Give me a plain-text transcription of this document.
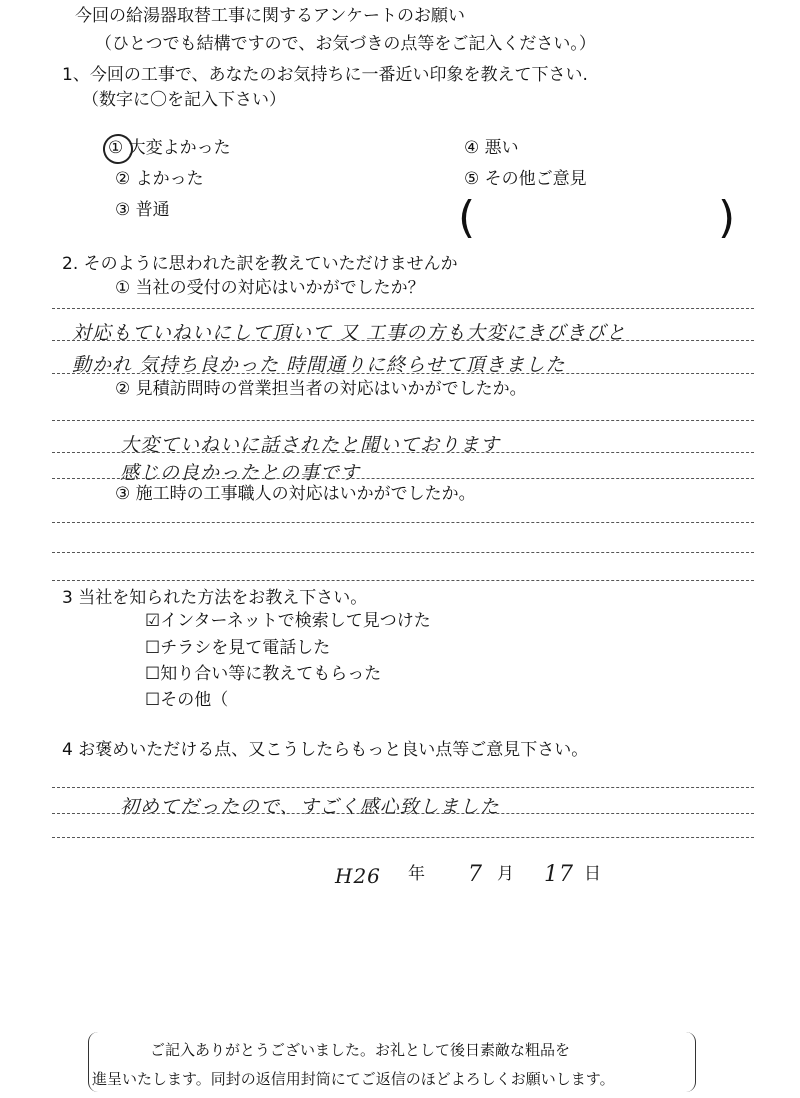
今回の給湯器取替工事に関するアンケートのお願い
（ひとつでも結構ですので、お気づきの点等をご記入ください。）
1、今回の工事で、あなたのお気持ちに一番近い印象を教えて下さい.
（数字に〇を記入下さい）
① 大変よかった
② よかった
③ 普通
④ 悪い
⑤ その他ご意見
(	)
2. そのように思われた訳を教えていただけませんか
① 当社の受付の対応はいかがでしたか？
対応もていねいにして頂いて 又 工事の方も大変にきびきびと
動かれ 気持ち良かった 時間通りに終らせて頂きました
② 見積訪問時の営業担当者の対応はいかがでしたか。
大変ていねいに話されたと聞いております
感じの良かったとの事です
③ 施工時の工事職人の対応はいかがでしたか。
3 当社を知られた方法をお教え下さい。
☑インターネットで検索して見つけた
☐チラシを見て電話した
☐知り合い等に教えてもらった
☐その他（
4 お褒めいただける点、又こうしたらもっと良い点等ご意見下さい。
初めてだったので、すごく感心致しました
H26 年 7 月 17 日
ご記入ありがとうございました。お礼として後日素敵な粗品を
進呈いたします。同封の返信用封筒にてご返信のほどよろしくお願いします。
